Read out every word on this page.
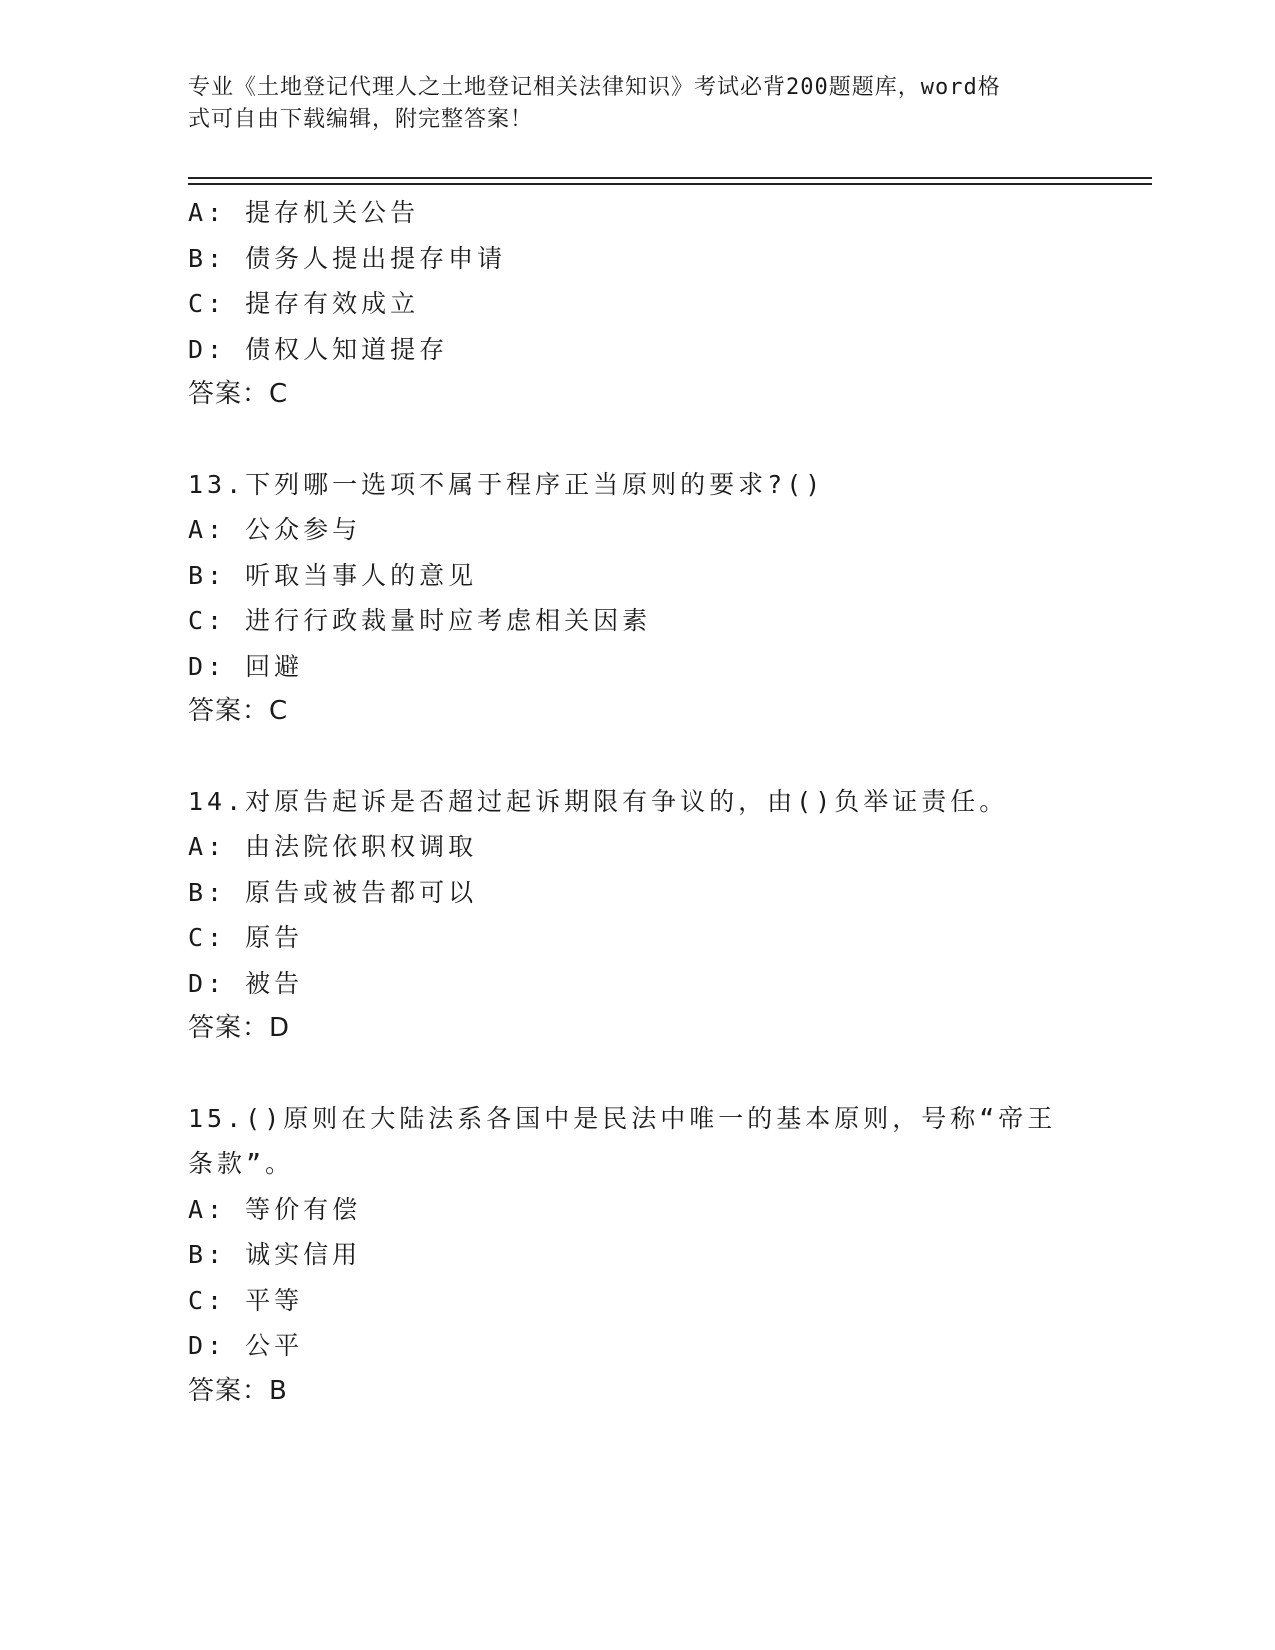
专业《土地登记代理人之土地登记相关法律知识》考试必背200题题库，word格
式可自由下载编辑，附完整答案！
A: 提存机关公告
B: 债务人提出提存申请
C: 提存有效成立
D: 债权人知道提存
答案：C
13.下列哪一选项不属于程序正当原则的要求?()
A: 公众参与
B: 听取当事人的意见
C: 进行行政裁量时应考虑相关因素
D: 回避
答案：C
14.对原告起诉是否超过起诉期限有争议的，由()负举证责任。
A: 由法院依职权调取
B: 原告或被告都可以
C: 原告
D: 被告
答案：D
15.()原则在大陆法系各国中是民法中唯一的基本原则，号称“帝王
条款”。
A: 等价有偿
B: 诚实信用
C: 平等
D: 公平
答案：B
